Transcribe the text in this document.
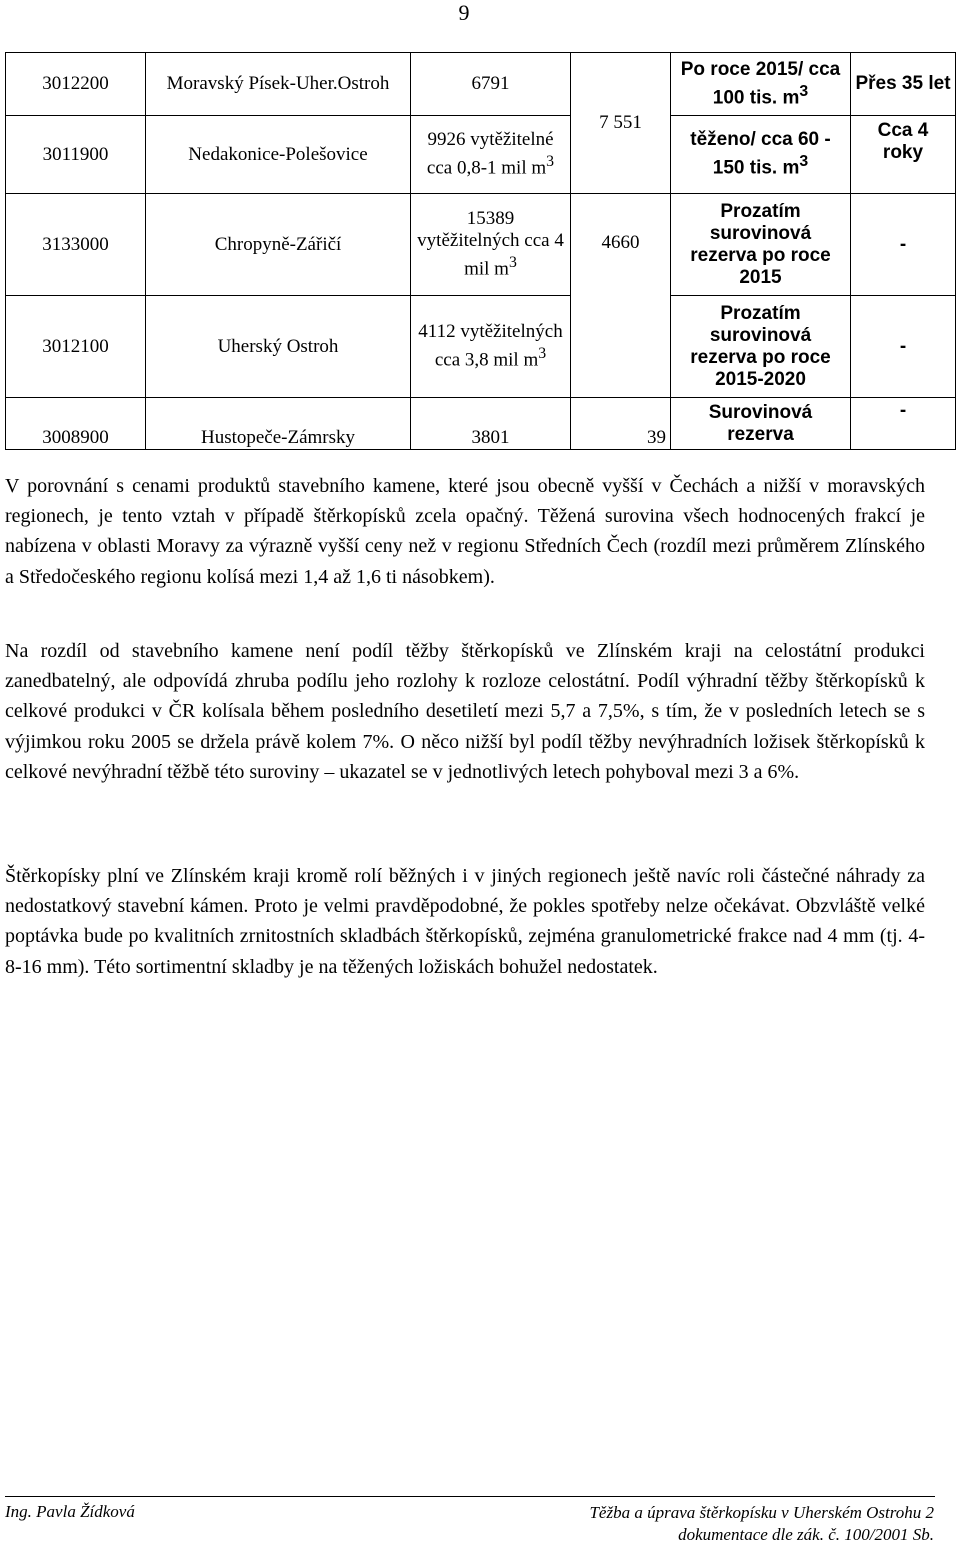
9
3012200	Moravský Písek-Uher.Ostroh	6791	7 551	Po roce 2015/ cca 100 tis. $m^3$	Přes 35 let
3011900	Nedakonice-Polešovice	9926 vytěžitelné cca 0,8-1 mil $m^3$		těženo/ cca 60 - 150 tis. $m^3$	Cca 4 roky
3133000	Chropyně-Zářičí	15389 vytěžitelných cca 4 mil $m^3$	4660	Prozatím surovinová rezerva po roce 2015	-
3012100	Uherský Ostroh	4112 vytěžitelných cca 3,8 mil $m^3$		Prozatím surovinová rezerva po roce 2015-2020	-
3008900	Hustopeče-Zámrsky	3801	39	Surovinová rezerva	-

V porovnání s cenami produktů stavebního kamene, které jsou obecně vyšší v Čechách a nižší v moravských regionech, je tento vztah v případě štěrkopísků zcela opačný. Těžená surovina všech hodnocených frakcí je nabízena v oblasti Moravy za výrazně vyšší ceny než v regionu Středních Čech (rozdíl mezi průměrem Zlínského a Středočeského regionu kolísá mezi 1,4 až 1,6 ti násobkem).

Na rozdíl od stavebního kamene není podíl těžby štěrkopísků ve Zlínském kraji na celostátní produkci zanedbatelný, ale odpovídá zhruba podílu jeho rozlohy k rozloze celostátní. Podíl výhradní těžby štěrkopísků k celkové produkci v ČR kolísala během posledního desetiletí mezi 5,7 a 7,5%, s tím, že v posledních letech se s výjimkou roku 2005 se držela právě kolem 7%. O něco nižší byl podíl těžby nevýhradních ložisek štěrkopísků k celkové nevýhradní těžbě této suroviny – ukazatel se v jednotlivých letech pohyboval mezi 3 a 6%.

Štěrkopísky plní ve Zlínském kraji kromě rolí běžných i v jiných regionech ještě navíc roli částečné náhrady za nedostatkový stavební kámen. Proto je velmi pravděpodobné, že pokles spotřeby nelze očekávat. Obzvláště velké poptávka bude po kvalitních zrnitostních skladbách štěrkopísků, zejména granulometrické frakce nad 4 mm (tj. 4-8-16 mm). Této sortimentní skladby je na těžených ložiskách bohužel nedostatek.

Ing. Pavla Žídková	Těžba a úprava štěrkopísku v Uherském Ostrohu 2
dokumentace dle zák. č. 100/2001 Sb.
